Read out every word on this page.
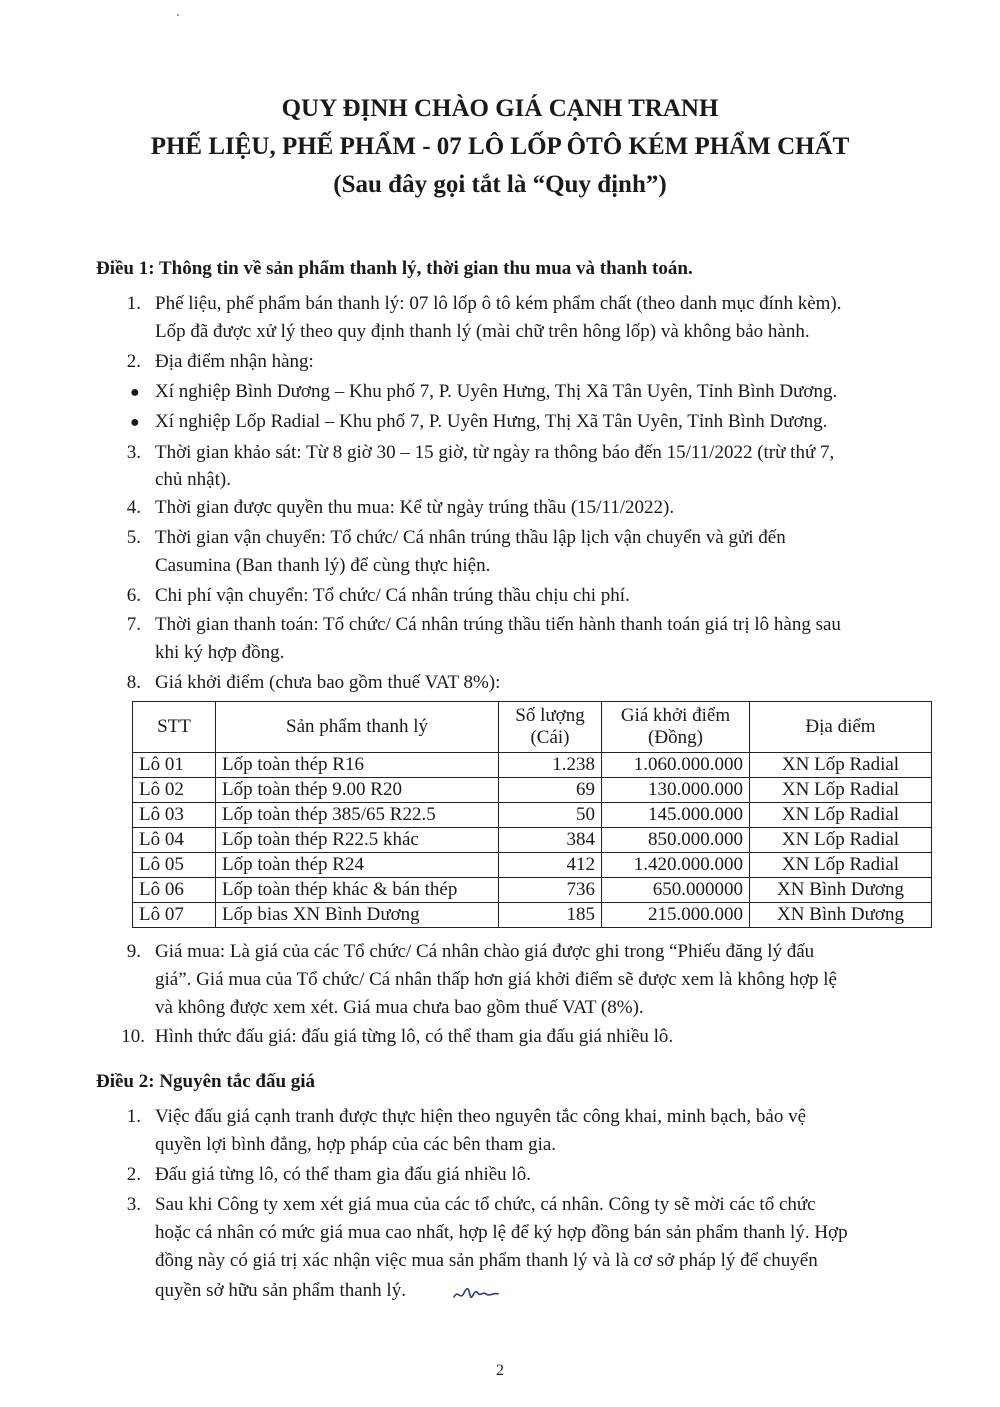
QUY ĐỊNH CHÀO GIÁ CẠNH TRANH
PHẾ LIỆU, PHẾ PHẨM - 07 LÔ LỐP ÔTÔ KÉM PHẨM CHẤT
(Sau đây gọi tắt là “Quy định”)
Điều 1: Thông tin về sản phẩm thanh lý, thời gian thu mua và thanh toán.
1. Phế liệu, phế phẩm bán thanh lý: 07 lô lốp ô tô kém phẩm chất (theo danh mục đính kèm).
Lốp đã được xử lý theo quy định thanh lý (mài chữ trên hông lốp) và không bảo hành.
2. Địa điểm nhận hàng:
● Xí nghiệp Bình Dương – Khu phố 7, P. Uyên Hưng, Thị Xã Tân Uyên, Tỉnh Bình Dương.
● Xí nghiệp Lốp Radial – Khu phố 7, P. Uyên Hưng, Thị Xã Tân Uyên, Tỉnh Bình Dương.
3. Thời gian khảo sát: Từ 8 giờ 30 – 15 giờ, từ ngày ra thông báo đến 15/11/2022 (trừ thứ 7,
chủ nhật).
4. Thời gian được quyền thu mua: Kể từ ngày trúng thầu (15/11/2022).
5. Thời gian vận chuyển: Tổ chức/ Cá nhân trúng thầu lập lịch vận chuyển và gửi đến
Casumina (Ban thanh lý) để cùng thực hiện.
6. Chi phí vận chuyển: Tổ chức/ Cá nhân trúng thầu chịu chi phí.
7. Thời gian thanh toán: Tổ chức/ Cá nhân trúng thầu tiến hành thanh toán giá trị lô hàng sau
khi ký hợp đồng.
8. Giá khởi điểm (chưa bao gồm thuế VAT 8%):
STT	Sản phẩm thanh lý	Số lượng (Cái)	Giá khởi điểm (Đồng)	Địa điểm
Lô 01	Lốp toàn thép R16	1.238	1.060.000.000	XN Lốp Radial
Lô 02	Lốp toàn thép 9.00 R20	69	130.000.000	XN Lốp Radial
Lô 03	Lốp toàn thép 385/65 R22.5	50	145.000.000	XN Lốp Radial
Lô 04	Lốp toàn thép R22.5 khác	384	850.000.000	XN Lốp Radial
Lô 05	Lốp toàn thép R24	412	1.420.000.000	XN Lốp Radial
Lô 06	Lốp toàn thép khác & bán thép	736	650.000000	XN Bình Dương
Lô 07	Lốp bias XN Bình Dương	185	215.000.000	XN Bình Dương
9. Giá mua: Là giá của các Tổ chức/ Cá nhân chào giá được ghi trong “Phiếu đăng lý đấu
giá”. Giá mua của Tổ chức/ Cá nhân thấp hơn giá khởi điểm sẽ được xem là không hợp lệ
và không được xem xét. Giá mua chưa bao gồm thuế VAT (8%).
10. Hình thức đấu giá: đấu giá từng lô, có thể tham gia đấu giá nhiều lô.
Điều 2: Nguyên tắc đấu giá
1. Việc đấu giá cạnh tranh được thực hiện theo nguyên tắc công khai, minh bạch, bảo vệ
quyền lợi bình đẳng, hợp pháp của các bên tham gia.
2. Đấu giá từng lô, có thể tham gia đấu giá nhiều lô.
3. Sau khi Công ty xem xét giá mua của các tổ chức, cá nhân. Công ty sẽ mời các tổ chức
hoặc cá nhân có mức giá mua cao nhất, hợp lệ để ký hợp đồng bán sản phẩm thanh lý. Hợp
đồng này có giá trị xác nhận việc mua sản phẩm thanh lý và là cơ sở pháp lý để chuyển
quyền sở hữu sản phẩm thanh lý.
2
